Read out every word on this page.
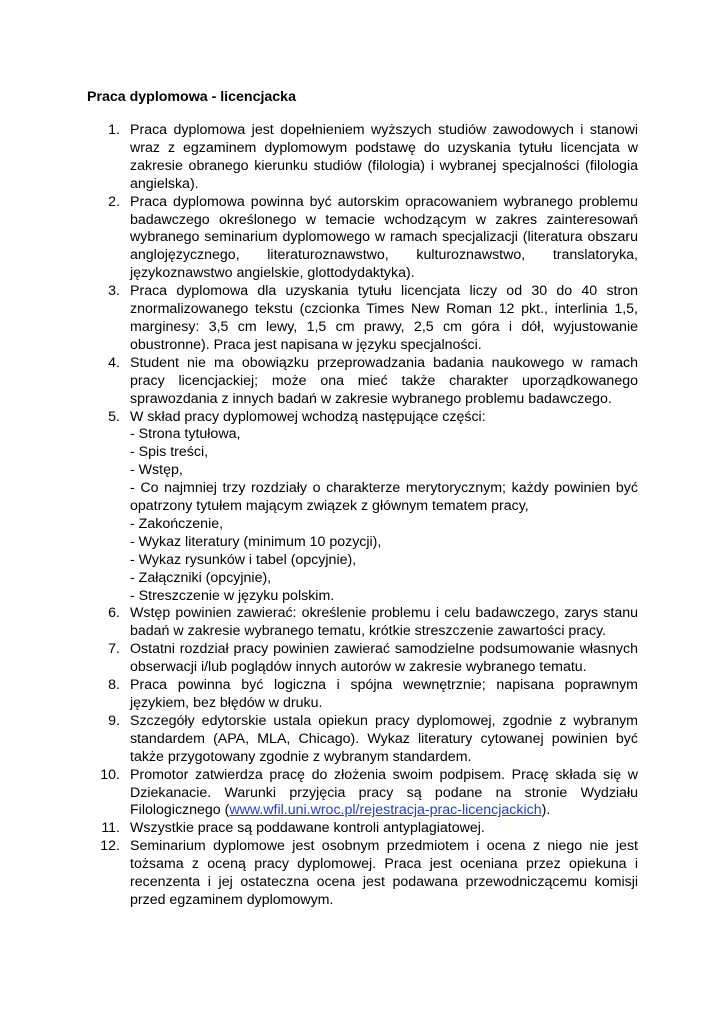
Praca dyplomowa - licencjacka
1. Praca dyplomowa jest dopełnieniem wyższych studiów zawodowych i stanowi wraz z egzaminem dyplomowym podstawę do uzyskania tytułu licencjata w zakresie obranego kierunku studiów (filologia) i wybranej specjalności (filologia angielska).

2. Praca dyplomowa powinna być autorskim opracowaniem wybranego problemu badawczego określonego w temacie wchodzącym w zakres zainteresowań wybranego seminarium dyplomowego w ramach specjalizacji (literatura obszaru anglojęzycznego, literaturoznawstwo, kulturoznawstwo, translatoryka, językoznawstwo angielskie, glottodydaktyka).

3. Praca dyplomowa dla uzyskania tytułu licencjata liczy od 30 do 40 stron znormalizowanego tekstu (czcionka Times New Roman 12 pkt., interlinia 1,5, marginesy: 3,5 cm lewy, 1,5 cm prawy, 2,5 cm góra i dół, wyjustowanie obustronne). Praca jest napisana w języku specjalności.

4. Student nie ma obowiązku przeprowadzania badania naukowego w ramach pracy licencjackiej; może ona mieć także charakter uporządkowanego sprawozdania z innych badań w zakresie wybranego problemu badawczego.

5. W skład pracy dyplomowej wchodzą następujące części:

- Strona tytułowa,
- Spis treści,
- Wstęp,
- Co najmniej trzy rozdziały o charakterze merytorycznym; każdy powinien być opatrzony tytułem mającym związek z głównym tematem pracy,
- Zakończenie,
- Wykaz literatury (minimum 10 pozycji),
- Wykaz rysunków i tabel (opcyjnie),
- Załączniki (opcyjnie),
- Streszczenie w języku polskim.
6. Wstęp powinien zawierać: określenie problemu i celu badawczego, zarys stanu badań w zakresie wybranego tematu, krótkie streszczenie zawartości pracy.

7. Ostatni rozdział pracy powinien zawierać samodzielne podsumowanie własnych obserwacji i/lub poglądów innych autorów w zakresie wybranego tematu.

8. Praca powinna być logiczna i spójna wewnętrznie; napisana poprawnym językiem, bez błędów w druku.

9. Szczegóły edytorskie ustala opiekun pracy dyplomowej, zgodnie z wybranym standardem (APA, MLA, Chicago). Wykaz literatury cytowanej powinien być także przygotowany zgodnie z wybranym standardem.

10. Promotor zatwierdza pracę do złożenia swoim podpisem. Pracę składa się w Dziekanacie. Warunki przyjęcia pracy są podane na stronie Wydziału Filologicznego (www.wfil.uni.wroc.pl/rejestracja-prac-licencjackich).

11. Wszystkie prace są poddawane kontroli antyplagiatowej.

12. Seminarium dyplomowe jest osobnym przedmiotem i ocena z niego nie jest tożsama z oceną pracy dyplomowej. Praca jest oceniana przez opiekuna i recenzenta i jej ostateczna ocena jest podawana przewodniczącemu komisji przed egzaminem dyplomowym.
